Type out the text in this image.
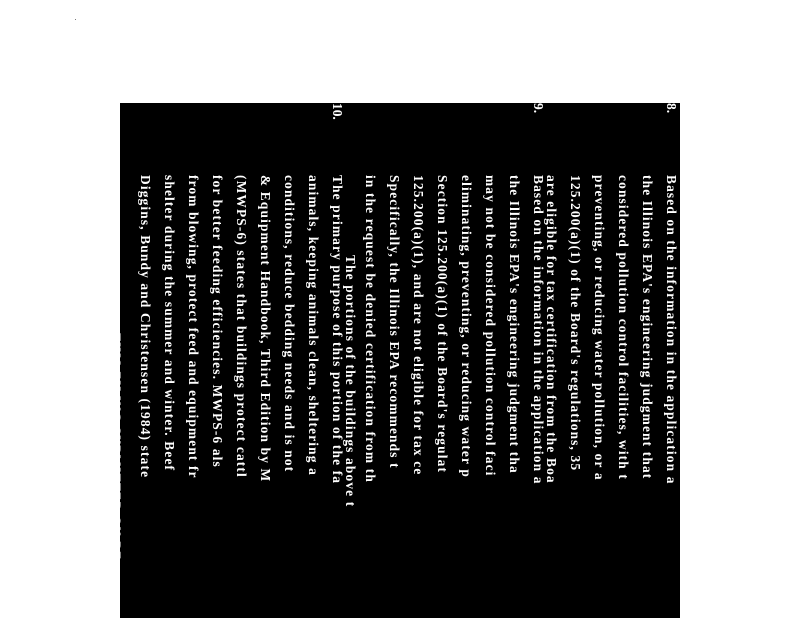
8.
Based on the information in the application a
the Illinois EPA's engineering judgment that
considered pollution control facilities, with t
preventing, or reducing water pollution, or a
125.200(a)(1) of the Board's regulations, 35
are eligible for tax certification from the Boa
9.
Based on the information in the application a
the Illinois EPA's engineering judgment tha
may not be considered pollution control faci
eliminating, preventing, or reducing water p
Section 125.200(a)(1) of the Board's regulat
125.200(a)(1), and are not eligible for tax ce
Specifically, the Illinois EPA recommends t
in the request be denied certification from th
The portions of the buildings above t
10.
The primary purpose of this portion of the fa
animals, keeping animals clean, sheltering a
conditions, reduce bedding needs and is not
& Equipment Handbook, Third Edition by M
(MWPS-6) states that buildings protect cattl
for better feeding efficiencies. MWPS-6 als
from blowing, protect feed and equipment fr
shelter during the summer and winter. Beef
Diggins, Bundy and Christensen (1984) state
THIS FILING SUBMITTED ON RE
